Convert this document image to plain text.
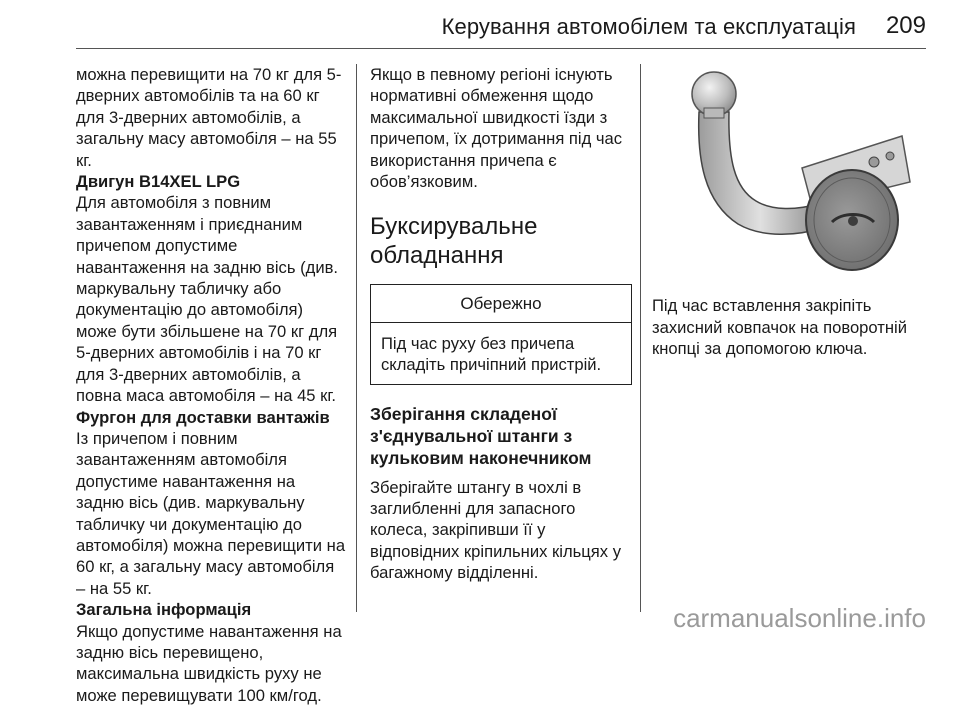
Керування автомобілем та експлуатація 209

можна перевищити на 70 кг для 5-дверних автомобілів та на 60 кг для 3-дверних автомобілів, а загальну масу автомобіля – на 55 кг.

Двигун B14XEL LPG

Для автомобіля з повним завантаженням і приєднаним причепом допустиме навантаження на задню вісь (див. маркувальну табличку або документацію до автомобіля) може бути збільшене на 70 кг для 5-дверних автомобілів і на 70 кг для 3-дверних автомобілів, а повна маса автомобіля – на 45 кг.

Фургон для доставки вантажів

Із причепом і повним завантаженням автомобіля допустиме навантаження на задню вісь (див. маркувальну табличку чи документацію до автомобіля) можна перевищити на 60 кг, а загальну масу автомобіля – на 55 кг.

Загальна інформація

Якщо допустиме навантаження на задню вісь перевищено, максимальна швидкість руху не може перевищувати 100 км/год.

Якщо в певному регіоні існують нормативні обмеження щодо максимальної швидкості їзди з причепом, їх дотримання під час використання причепа є обов’язковим.

Буксирувальне обладнання
Обережно
Під час руху без причепа складіть причіпний пристрій.
Зберігання складеної з'єднувальної штанги з кульковим наконечником

Зберігайте штангу в чохлі в заглибленні для запасного колеса, закріпивши її у відповідних кріпильних кільцях у багажному відділенні.

Під час вставлення закріпіть захисний ковпачок на поворотній кнопці за допомогою ключа.

carmanualsonline.info
